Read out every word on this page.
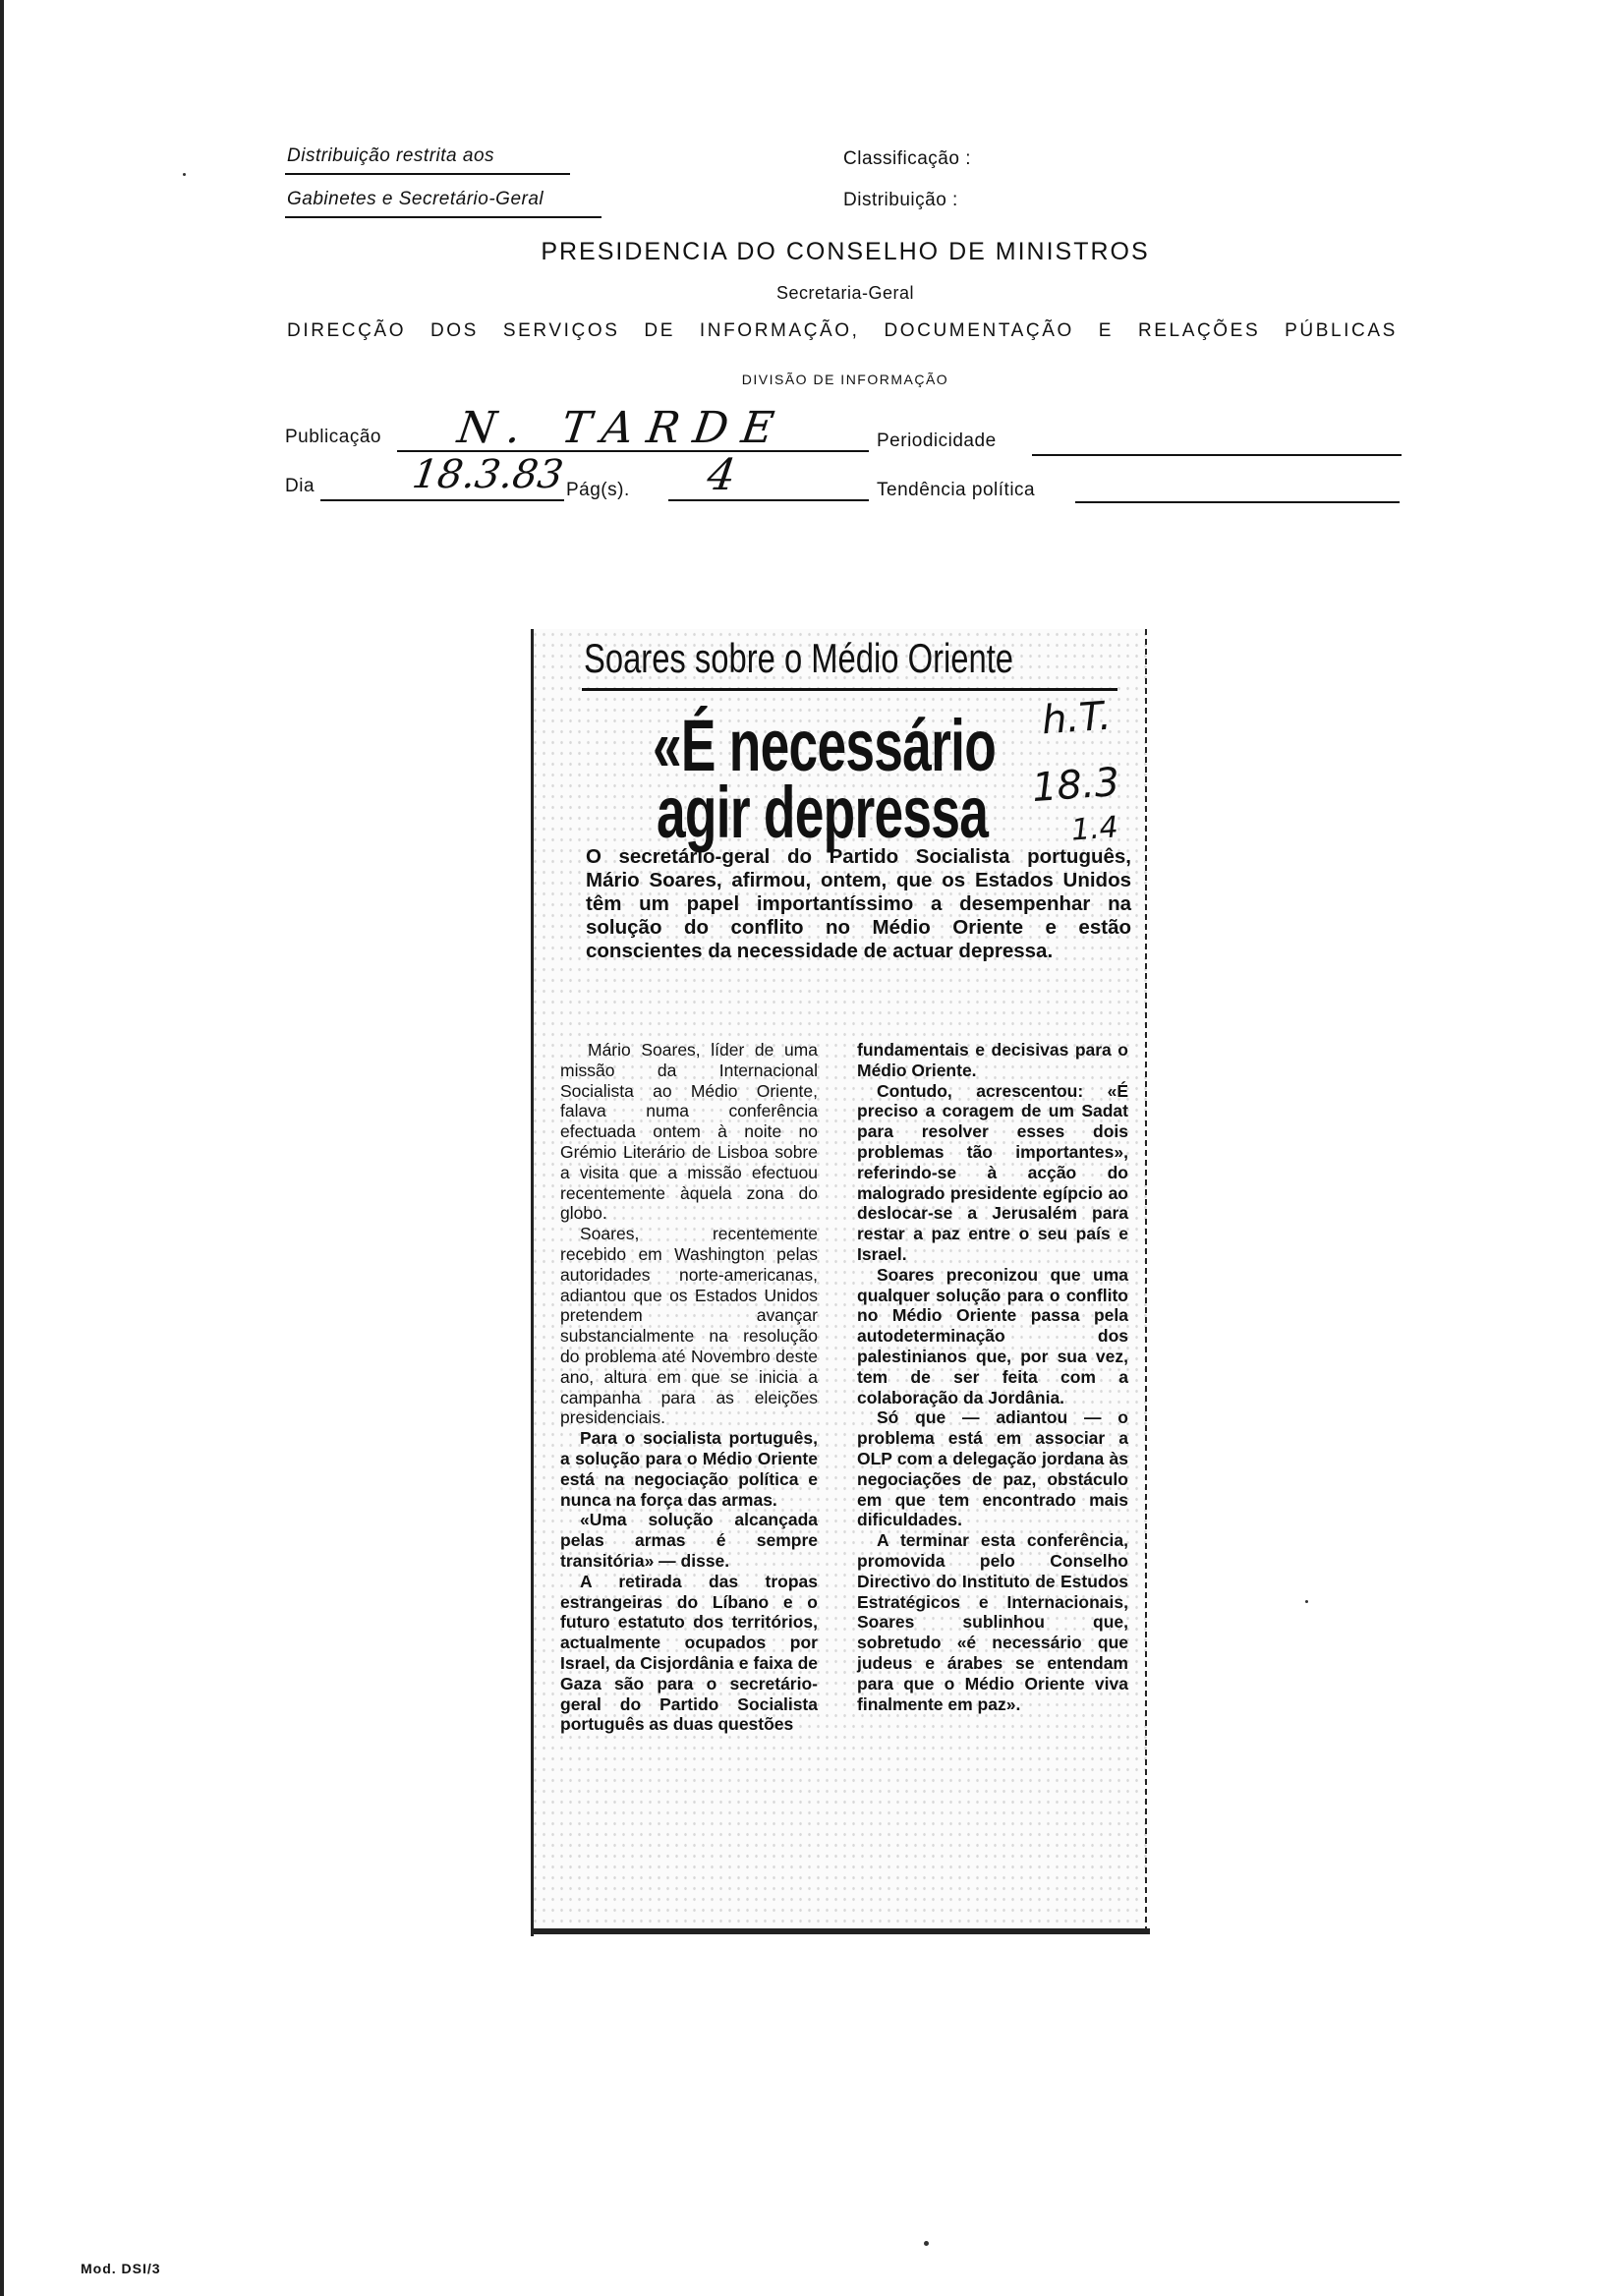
Distribuição restrita aos
Gabinetes e Secretário-Geral
Classificação :
Distribuição :
PRESIDENCIA DO CONSELHO DE MINISTROS
Secretaria-Geral
DIRECÇÃO DOS SERVIÇOS DE INFORMAÇÃO, DOCUMENTAÇÃO E RELAÇÕES PÚBLICAS
DIVISÃO DE INFORMAÇÃO
Publicação N. TARDE	Periodicidade
Dia 18.3.83 Pág(s). 4	Tendência política
Soares sobre o Médio Oriente
«É necessário
agir depressa
h.T.
18.3
1.4
O secretário-geral do Partido Socialista português, Mário Soares, afirmou, ontem, que os Estados Unidos têm um papel importantíssimo a desempenhar na solução do conflito no Médio Oriente e estão conscientes da necessidade de actuar depressa.

Mário Soares, líder de uma missão da Internacional Socialista ao Médio Oriente, falava numa conferência efectuada ontem à noite no Grémio Literário de Lisboa sobre a visita que a missão efectuou recentemente àquela zona do globo.

Soares, recentemente recebido em Washington pelas autoridades norte-americanas, adiantou que os Estados Unidos pretendem avançar substancialmente na resolução do problema até Novembro deste ano, altura em que se inicia a campanha para as eleições presidenciais.

Para o socialista português, a solução para o Médio Oriente está na negociação política e nunca na força das armas.

«Uma solução alcançada pelas armas é sempre transitória» — disse.

A retirada das tropas estrangeiras do Líbano e o futuro estatuto dos territórios, actualmente ocupados por Israel, da Cisjordânia e faixa de Gaza são para o secretário-geral do Partido Socialista português as duas questões

fundamentais e decisivas para o Médio Oriente.

Contudo, acrescentou: «É preciso a coragem de um Sadat para resolver esses dois problemas tão importantes», referindo-se à acção do malogrado presidente egípcio ao deslocar-se a Jerusalém para restar a paz entre o seu país e Israel.

Soares preconizou que uma qualquer solução para o conflito no Médio Oriente passa pela autodeterminação dos palestinianos que, por sua vez, tem de ser feita com a colaboração da Jordânia.

Só que — adiantou — o problema está em associar a OLP com a delegação jordana às negociações de paz, obstáculo em que tem encontrado mais dificuldades.

A terminar esta conferência, promovida pelo Conselho Directivo do Instituto de Estudos Estratégicos e Internacionais, Soares sublinhou que, sobretudo «é necessário que judeus e árabes se entendam para que o Médio Oriente viva finalmente em paz».

Mod. DSI/3
